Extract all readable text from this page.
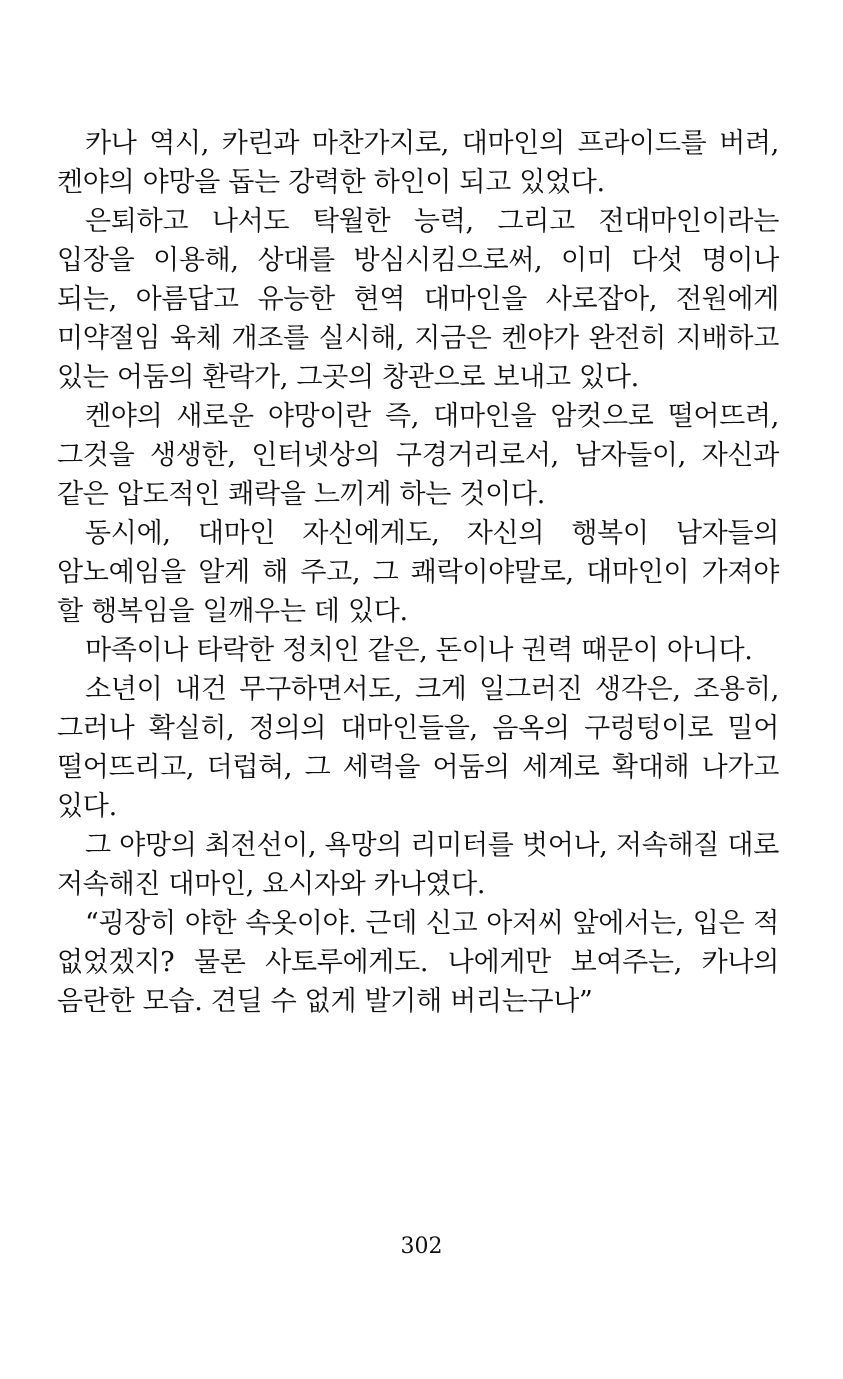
카나 역시, 카린과 마찬가지로, 대마인의 프라이드를 버려, 켄야의 야망을 돕는 강력한 하인이 되고 있었다.

은퇴하고 나서도 탁월한 능력, 그리고 전대마인이라는 입장을 이용해, 상대를 방심시킴으로써, 이미 다섯 명이나 되는, 아름답고 유능한 현역 대마인을 사로잡아, 전원에게 미약절임 육체 개조를 실시해, 지금은 켄야가 완전히 지배하고 있는 어둠의 환락가, 그곳의 창관으로 보내고 있다.

켄야의 새로운 야망이란 즉, 대마인을 암컷으로 떨어뜨려, 그것을 생생한, 인터넷상의 구경거리로서, 남자들이, 자신과 같은 압도적인 쾌락을 느끼게 하는 것이다.

동시에, 대마인 자신에게도, 자신의 행복이 남자들의 암노예임을 알게 해 주고, 그 쾌락이야말로, 대마인이 가져야 할 행복임을 일깨우는 데 있다.

마족이나 타락한 정치인 같은, 돈이나 권력 때문이 아니다.

소년이 내건 무구하면서도, 크게 일그러진 생각은, 조용히, 그러나 확실히, 정의의 대마인들을, 음옥의 구렁텅이로 밀어 떨어뜨리고, 더럽혀, 그 세력을 어둠의 세계로 확대해 나가고 있다.

그 야망의 최전선이, 욕망의 리미터를 벗어나, 저속해질 대로 저속해진 대마인, 요시자와 카나였다.

“굉장히 야한 속옷이야. 근데 신고 아저씨 앞에서는, 입은 적 없었겠지? 물론 사토루에게도. 나에게만 보여주는, 카나의 음란한 모습. 견딜 수 없게 발기해 버리는구나”

302
